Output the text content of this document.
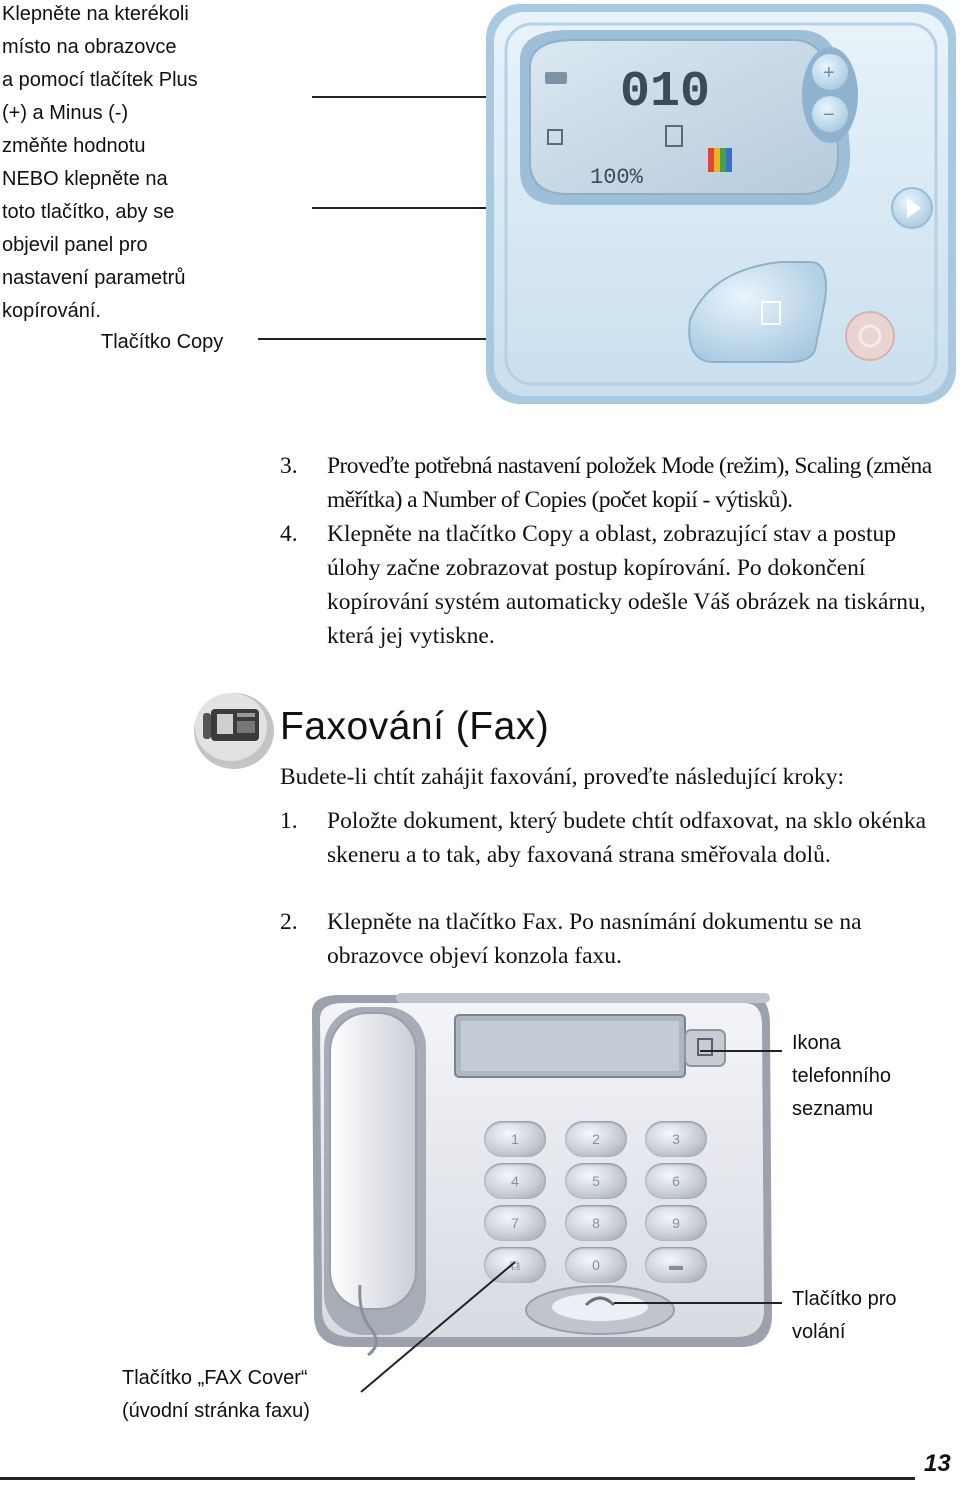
Klepněte na kterékoli
místo na obrazovce
a pomocí tlačítek Plus
(+) a Minus (-)
změňte hodnotu
NEBO klepněte na
toto tlačítko, aby se
objevil panel pro
nastavení parametrů
kopírování.
Tlačítko Copy
010
100%
+
−
3. Proveďte potřebná nastavení položek Mode (režim), Scaling (změna měřítka) a Number of Copies (počet kopií - výtisků).
4. Klepněte na tlačítko Copy a oblast, zobrazující stav a postup úlohy začne zobrazovat postup kopírování. Po dokončení kopírování systém automaticky odešle Váš obrázek na tiskárnu, která jej vytiskne.
Faxování (Fax)
Budete-li chtít zahájit faxování, proveďte následující kroky:
1. Položte dokument, který budete chtít odfaxovat, na sklo okénka skeneru a to tak, aby faxovaná strana směřovala dolů.
2. Klepněte na tlačítko Fax. Po nasnímání dokumentu se na obrazovce objeví konzola faxu.
1	2	3
4	5	6
7	8	9
⧉	0	▬
Ikona
telefonního
seznamu
Tlačítko pro
volání
Tlačítko „FAX Cover“
(úvodní stránka faxu)
13
